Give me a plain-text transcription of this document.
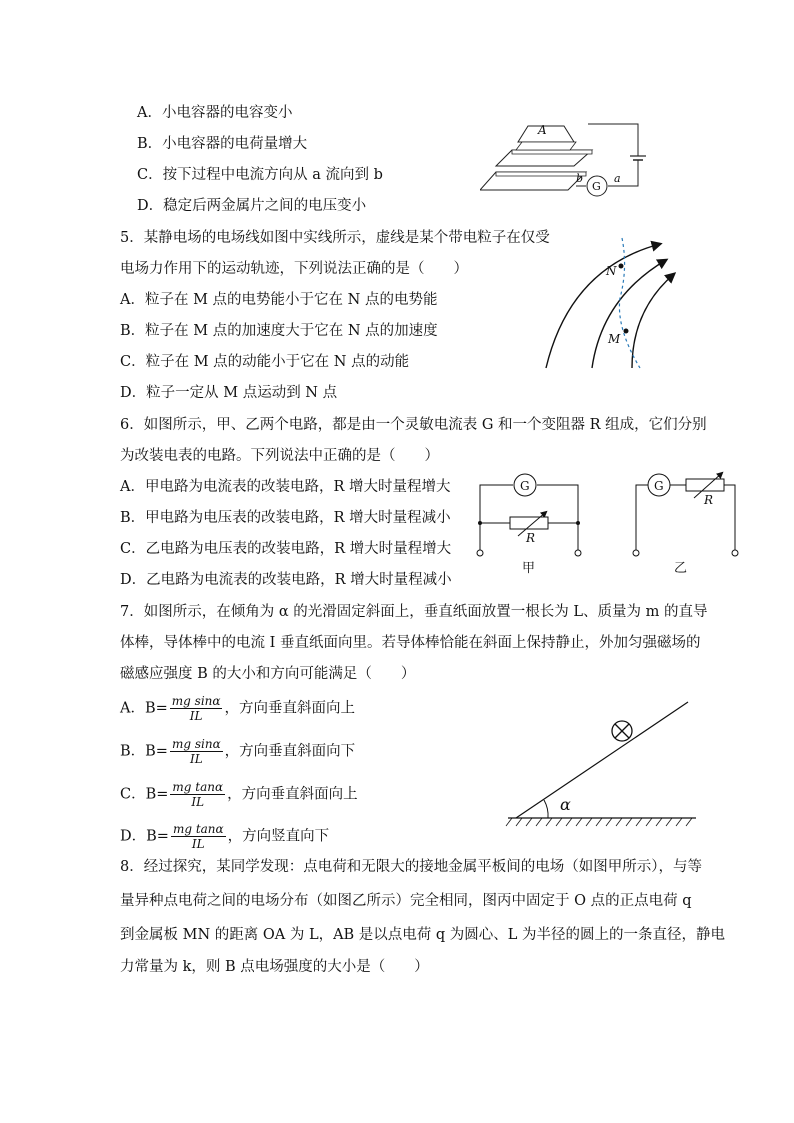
A．小电容器的电容变小
B．小电容器的电荷量增大
C．按下过程中电流方向从 a 流向到 b
D．稳定后两金属片之间的电压变小
A
G
b	a
5．某静电场的电场线如图中实线所示，虚线是某个带电粒子在仅受
电场力作用下的运动轨迹，下列说法正确的是（　　）
A．粒子在 M 点的电势能小于它在 N 点的电势能
B．粒子在 M 点的加速度大于它在 N 点的加速度
C．粒子在 M 点的动能小于它在 N 点的动能
D．粒子一定从 M 点运动到 N 点
N
M
6．如图所示，甲、乙两个电路，都是由一个灵敏电流表 G 和一个变阻器 R 组成，它们分别
为改装电表的电路。下列说法中正确的是（　　）
A．甲电路为电流表的改装电路，R 增大时量程增大
B．甲电路为电压表的改装电路，R 增大时量程减小
C．乙电路为电压表的改装电路，R 增大时量程增大
D．乙电路为电流表的改装电路，R 增大时量程减小
G
R
甲
G
R
乙
7．如图所示，在倾角为 α 的光滑固定斜面上，垂直纸面放置一根长为 L、质量为 m 的直导
体棒，导体棒中的电流 I 垂直纸面向里。若导体棒恰能在斜面上保持静止，外加匀强磁场的
磁感应强度 B 的大小和方向可能满足（　　）
A．$B= \frac{\text{mg sinα}}{IL}$ ，方向垂直斜面向上
B．$B= \frac{\text{mg sinα}}{IL}$ ，方向垂直斜面向下
C．$B= \frac{\text{mg tanα}}{IL}$ ，方向垂直斜面向上
D．$B= \frac{\text{mg tanα}}{IL}$ ，方向竖直向下
α
8．经过探究，某同学发现：点电荷和无限大的接地金属平板间的电场（如图甲所示），与等
量异种点电荷之间的电场分布（如图乙所示）完全相同，图丙中固定于 O 点的正点电荷 q
到金属板 MN 的距离 OA 为 L，AB 是以点电荷 q 为圆心、L 为半径的圆上的一条直径，静电
力常量为 k，则 B 点电场强度的大小是（　　）
